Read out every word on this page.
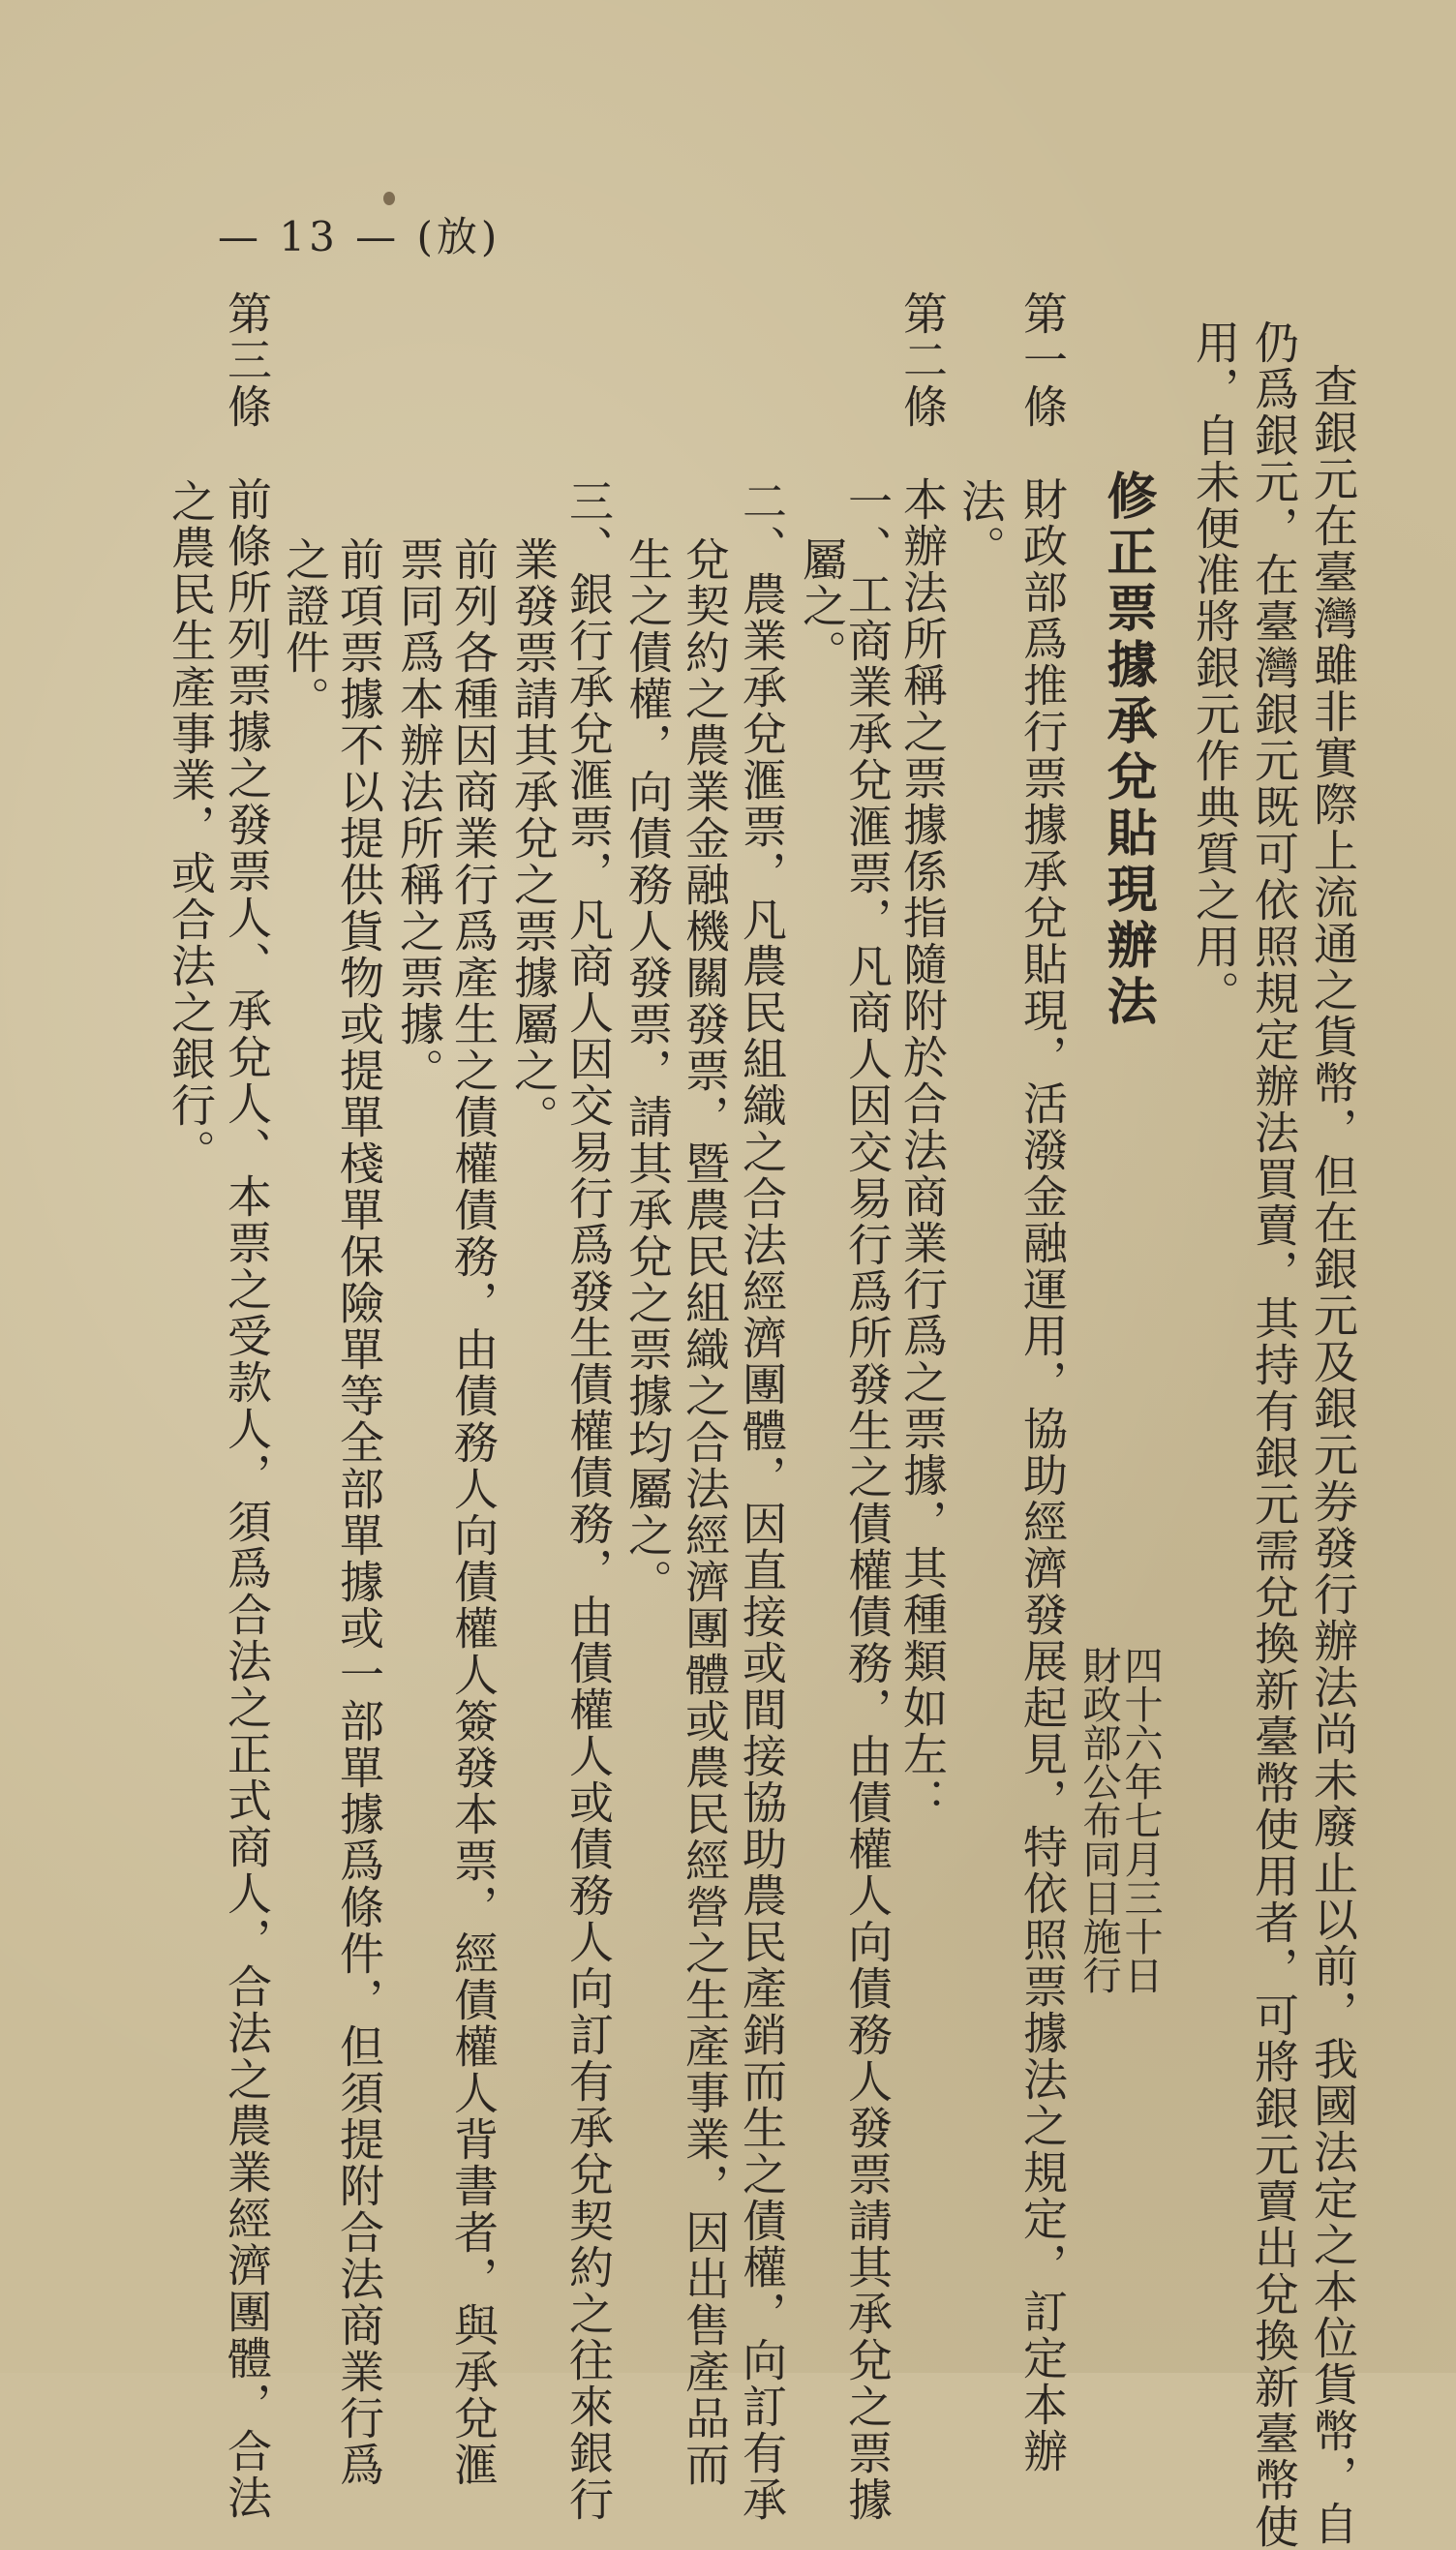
查銀元在臺灣雖非實際上流通之貨幣，但在銀元及銀元券發行辦法尚未廢止以前，我國法定之本位貨幣，自
仍爲銀元，在臺灣銀元既可依照規定辦法買賣，其持有銀元需兌換新臺幣使用者，可將銀元賣出兌換新臺幣使
用，自未便准將銀元作典質之用。
修正票據承兌貼現辦法
四十六年七月三十日
財政部公布同日施行
第一條　財政部爲推行票據承兌貼現，活潑金融運用，協助經濟發展起見，特依照票據法之規定，訂定本辦
法。
第二條　本辦法所稱之票據係指隨附於合法商業行爲之票據，其種類如左：
一、工商業承兌滙票，凡商人因交易行爲所發生之債權債務，由債權人向債務人發票請其承兌之票據
屬之。
二、農業承兌滙票，凡農民組織之合法經濟團體，因直接或間接協助農民產銷而生之債權，向訂有承
兌契約之農業金融機關發票，暨農民組織之合法經濟團體或農民經營之生產事業，因出售產品而
生之債權，向債務人發票，請其承兌之票據均屬之。
三、銀行承兌滙票，凡商人因交易行爲發生債權債務，由債權人或債務人向訂有承兌契約之往來銀行
業發票請其承兌之票據屬之。
前列各種因商業行爲產生之債權債務，由債務人向債權人簽發本票，經債權人背書者，與承兌滙
票同爲本辦法所稱之票據。
前項票據不以提供貨物或提單棧單保險單等全部單據或一部單據爲條件，但須提附合法商業行爲
之證件。
第三條　前條所列票據之發票人、承兌人、本票之受款人，須爲合法之正式商人，合法之農業經濟團體，合法
之農民生產事業，或合法之銀行。
— 13 — (放)
